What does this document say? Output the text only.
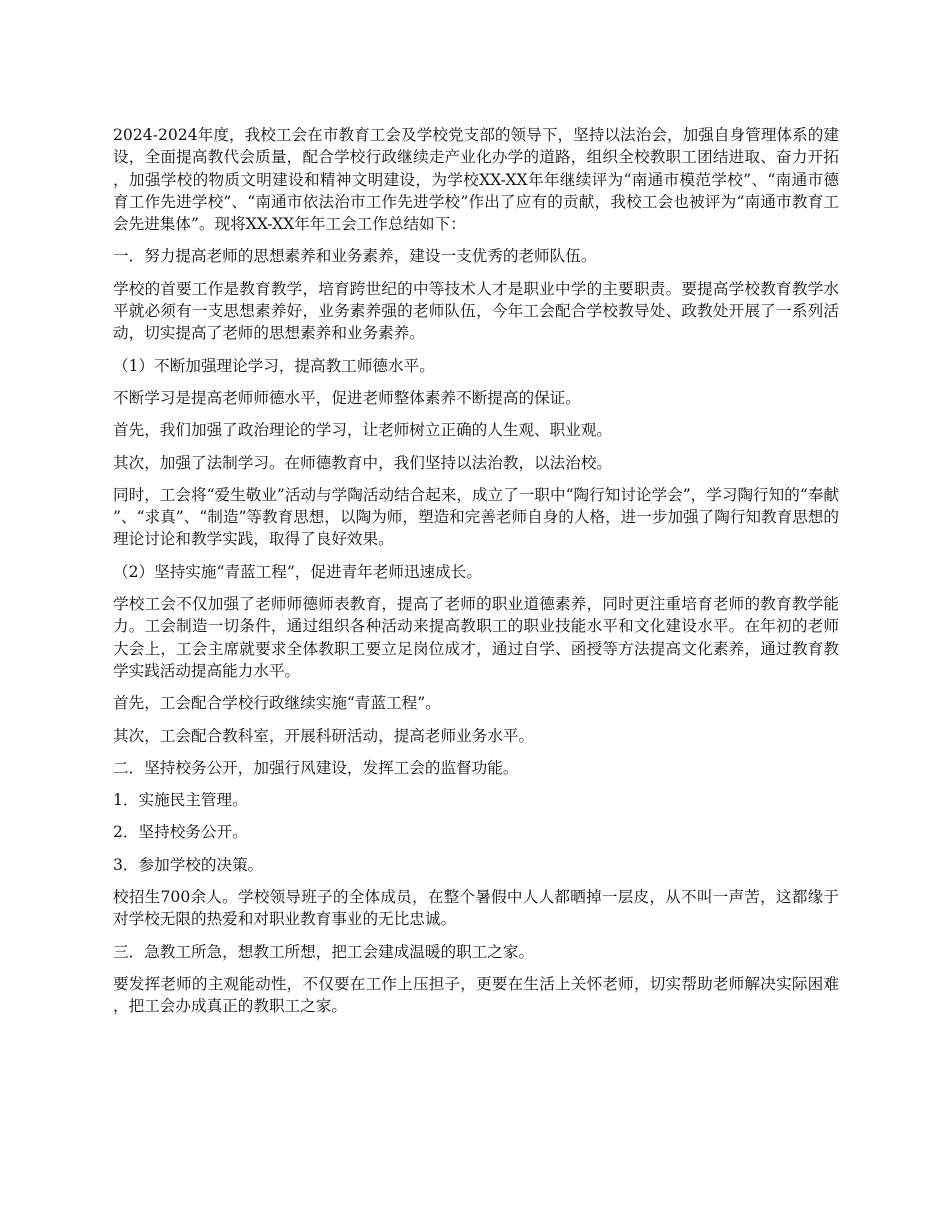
2024-2024年度，我校工会在市教育工会及学校党支部的领导下，坚持以法治会，加强自身管理体系的建设，全面提高教代会质量，配合学校行政继续走产业化办学的道路，组织全校教职工团结进取、奋力开拓，加强学校的物质文明建设和精神文明建设，为学校XX-XX年年继续评为“南通市模范学校”、“南通市德育工作先进学校”、“南通市依法治市工作先进学校”作出了应有的贡献，我校工会也被评为“南通市教育工会先进集体”。现将XX-XX年年工会工作总结如下：

一．努力提高老师的思想素养和业务素养，建设一支优秀的老师队伍。

学校的首要工作是教育教学，培育跨世纪的中等技术人才是职业中学的主要职责。要提高学校教育教学水平就必须有一支思想素养好，业务素养强的老师队伍，今年工会配合学校教导处、政教处开展了一系列活动，切实提高了老师的思想素养和业务素养。

（1）不断加强理论学习，提高教工师德水平。

不断学习是提高老师师德水平，促进老师整体素养不断提高的保证。

首先，我们加强了政治理论的学习，让老师树立正确的人生观、职业观。

其次，加强了法制学习。在师德教育中，我们坚持以法治教，以法治校。

同时，工会将“爱生敬业”活动与学陶活动结合起来，成立了一职中“陶行知讨论学会”，学习陶行知的“奉献”、“求真”、“制造”等教育思想，以陶为师，塑造和完善老师自身的人格，进一步加强了陶行知教育思想的理论讨论和教学实践，取得了良好效果。

（2）坚持实施“青蓝工程”，促进青年老师迅速成长。

学校工会不仅加强了老师师德师表教育，提高了老师的职业道德素养，同时更注重培育老师的教育教学能力。工会制造一切条件，通过组织各种活动来提高教职工的职业技能水平和文化建设水平。在年初的老师大会上，工会主席就要求全体教职工要立足岗位成才，通过自学、函授等方法提高文化素养，通过教育教学实践活动提高能力水平。

首先，工会配合学校行政继续实施“青蓝工程”。

其次，工会配合教科室，开展科研活动，提高老师业务水平。

二．坚持校务公开，加强行风建设，发挥工会的监督功能。

1．实施民主管理。

2．坚持校务公开。

3．参加学校的决策。

校招生700余人。学校领导班子的全体成员，在整个暑假中人人都晒掉一层皮，从不叫一声苦，这都缘于对学校无限的热爱和对职业教育事业的无比忠诚。

三．急教工所急，想教工所想，把工会建成温暖的职工之家。

要发挥老师的主观能动性，不仅要在工作上压担子，更要在生活上关怀老师，切实帮助老师解决实际困难，把工会办成真正的教职工之家。
